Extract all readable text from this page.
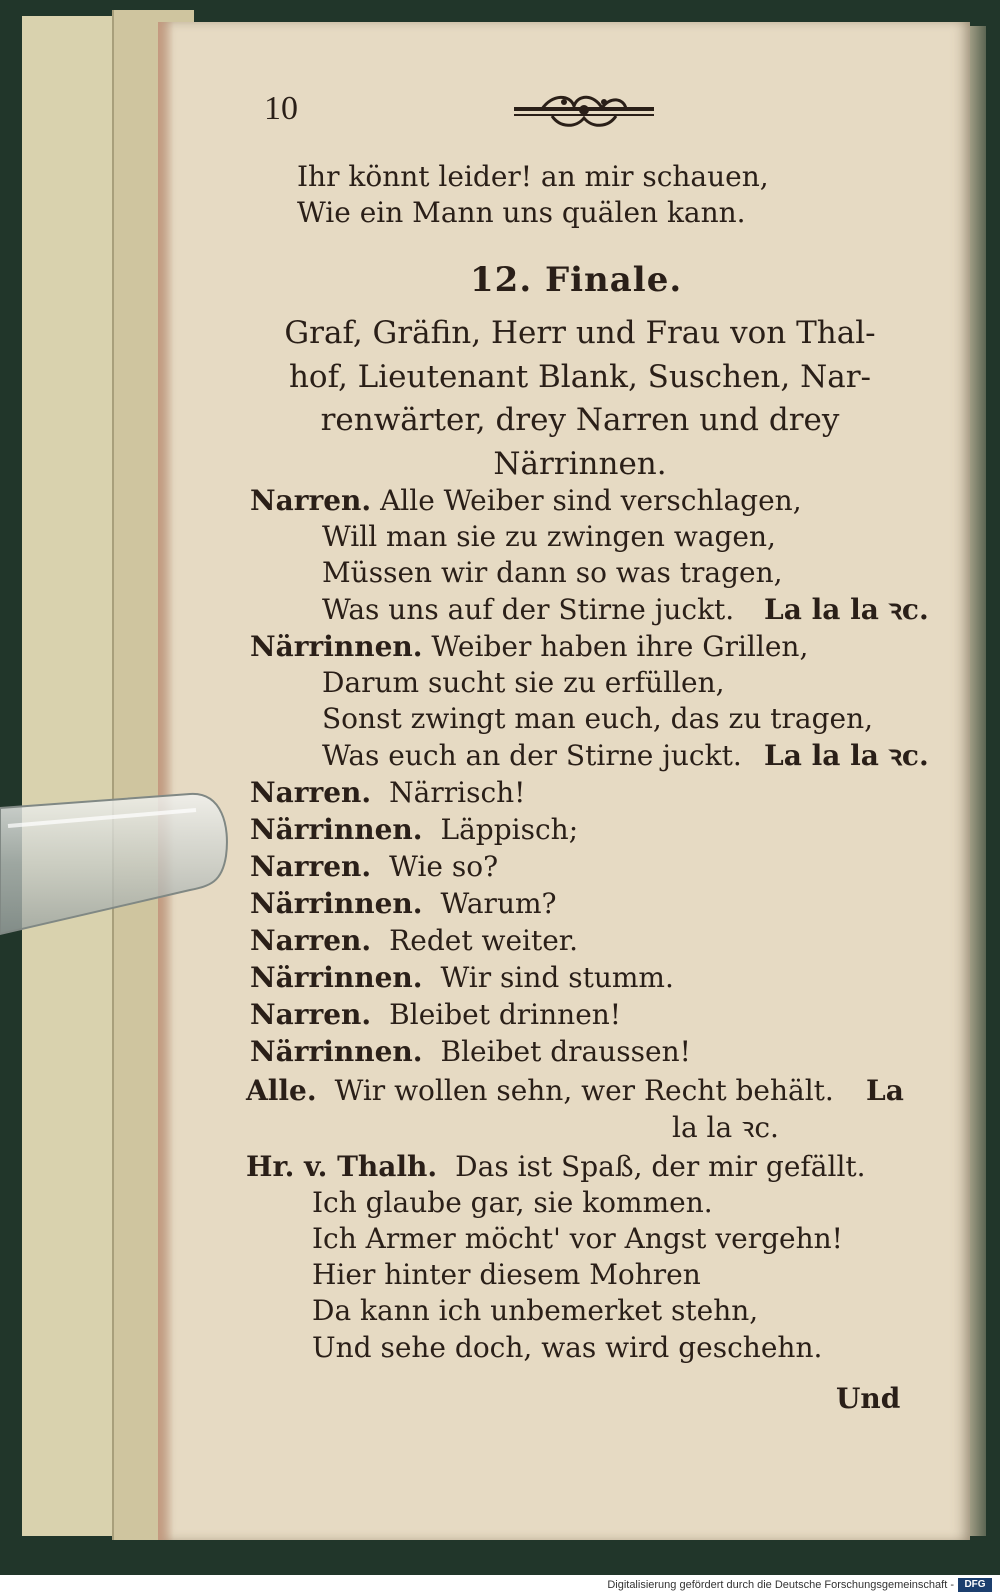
10
Ihr könnt leider! an mir schauen,
Wie ein Mann uns quälen kann.
12. Finale.
Graf, Gräfin, Herr und Frau von Thal-
hof, Lieutenant Blank, Suschen, Nar-
renwärter, drey Narren und drey
Närrinnen.
Narren. Alle Weiber sind verschlagen,
Will man sie zu zwingen wagen,
Müssen wir dann so was tragen,
Was uns auf der Stirne juckt. La la la ꝛc.
Närrinnen. Weiber haben ihre Grillen,
Darum sucht sie zu erfüllen,
Sonst zwingt man euch, das zu tragen,
Was euch an der Stirne juckt. La la la ꝛc.
Narren. Närrisch!
Närrinnen. Läppisch;
Narren. Wie so?
Närrinnen. Warum?
Narren. Redet weiter.
Närrinnen. Wir sind stumm.
Narren. Bleibet drinnen!
Närrinnen. Bleibet draussen!
Alle. Wir wollen sehn, wer Recht behält. La
la la ꝛc.
Hr. v. Thalh. Das ist Spaß, der mir gefällt.
Ich glaube gar, sie kommen.
Ich Armer möcht' vor Angst vergehn!
Hier hinter diesem Mohren
Da kann ich unbemerket stehn,
Und sehe doch, was wird geschehn.
Und
Digitalisierung gefördert durch die Deutsche Forschungsgemeinschaft -	DFG
